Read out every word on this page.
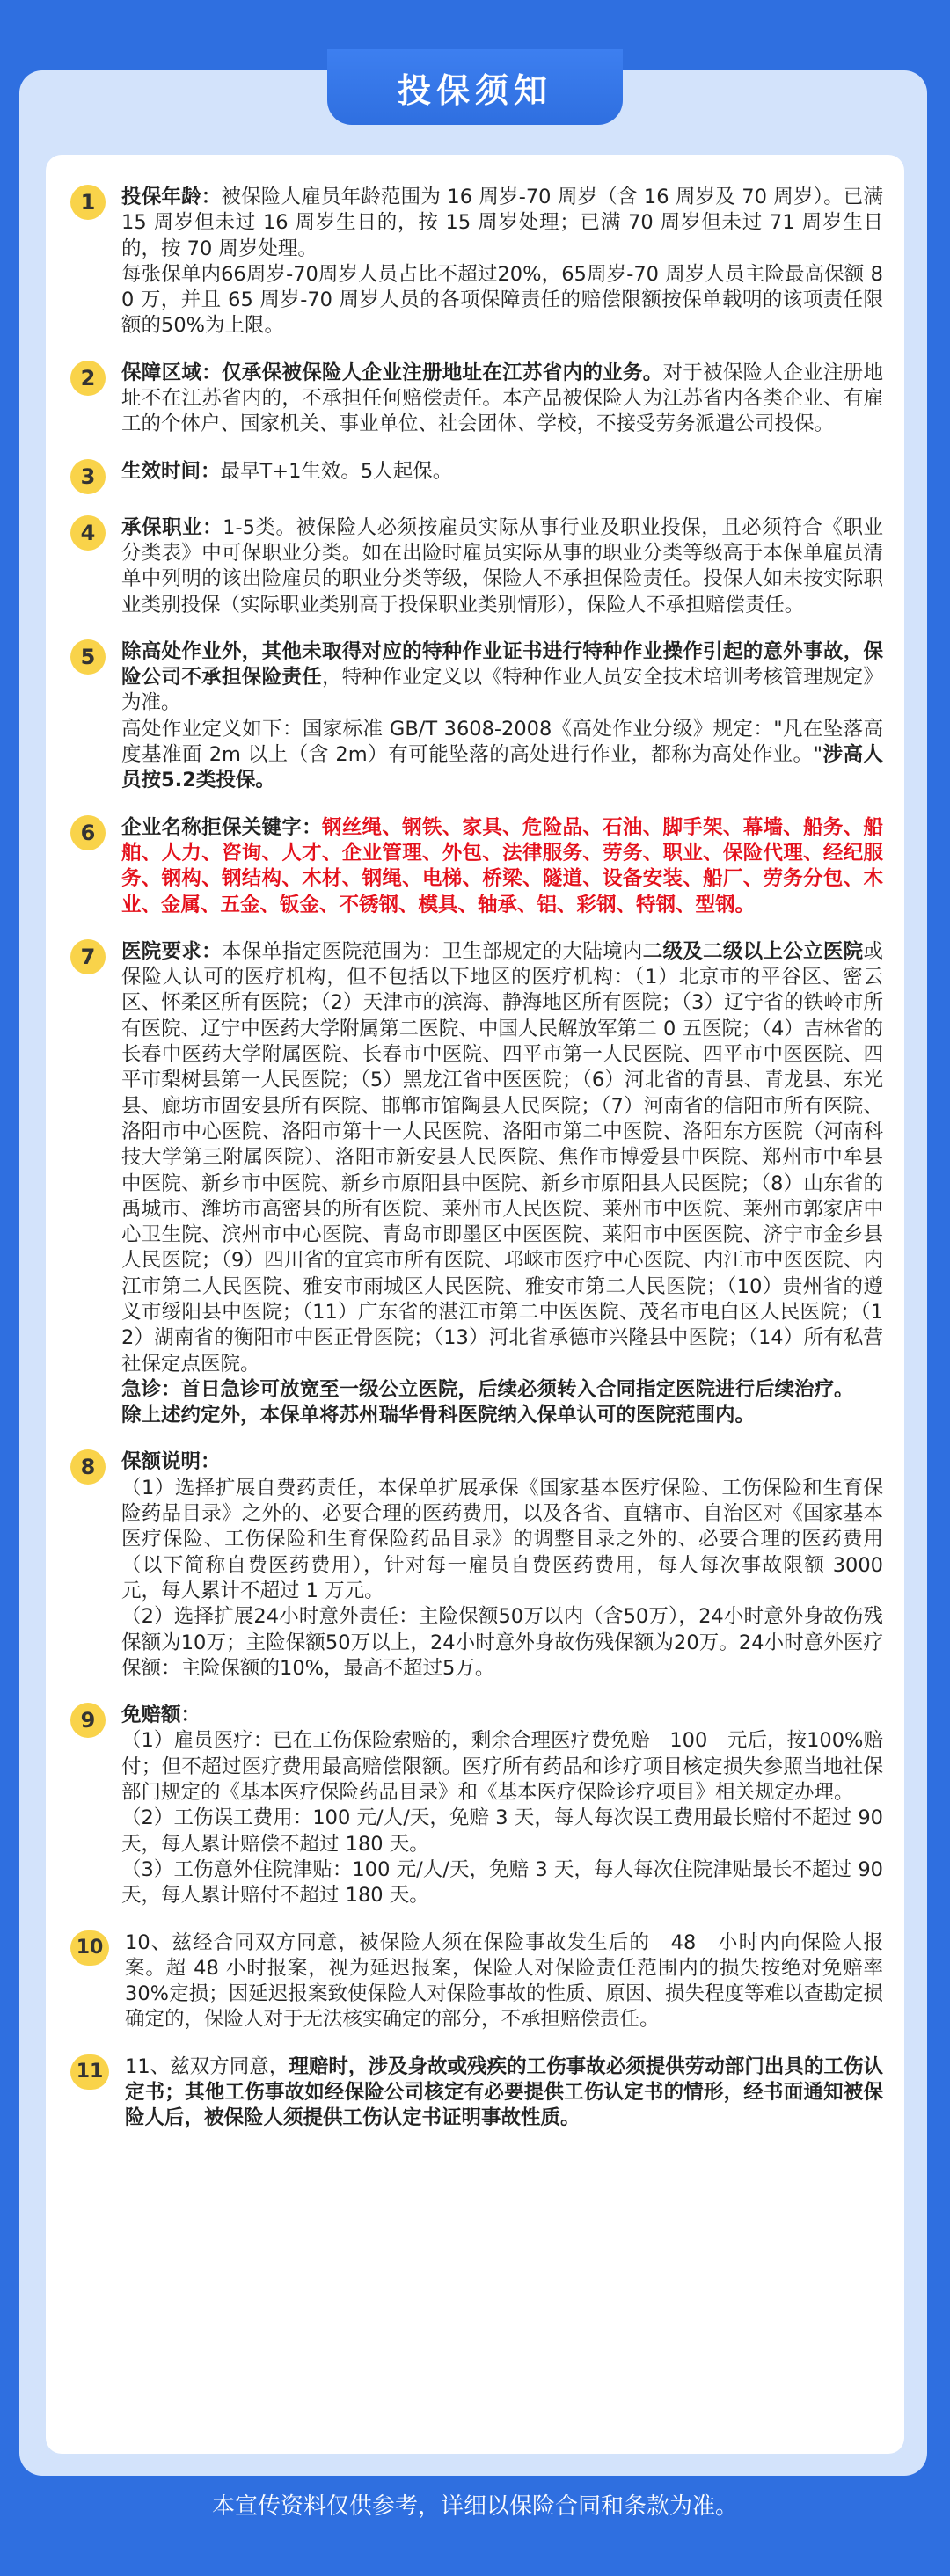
投保须知
1	投保年龄：被保险人雇员年龄范围为 16 周岁-70 周岁（含 16 周岁及 70 周岁）。已满 15 周岁但未过 16 周岁生日的，按 15 周岁处理；已满 70 周岁但未过 71 周岁生日的，按 70 周岁处理。

每张保单内66周岁-70周岁人员占比不超过20%，65周岁-70 周岁人员主险最高保额 80 万，并且 65 周岁-70 周岁人员的各项保障责任的赔偿限额按保单载明的该项责任限额的50%为上限。

2	保障区域：仅承保被保险人企业注册地址在江苏省内的业务。对于被保险人企业注册地址不在江苏省内的，不承担任何赔偿责任。本产品被保险人为江苏省内各类企业、有雇工的个体户、国家机关、事业单位、社会团体、学校，不接受劳务派遣公司投保。

3	生效时间：最早T+1生效。5人起保。

4	承保职业：1-5类。被保险人必须按雇员实际从事行业及职业投保，且必须符合《职业分类表》中可保职业分类。如在出险时雇员实际从事的职业分类等级高于本保单雇员清单中列明的该出险雇员的职业分类等级，保险人不承担保险责任。投保人如未按实际职业类别投保（实际职业类别高于投保职业类别情形），保险人不承担赔偿责任。

5	除高处作业外，其他未取得对应的特种作业证书进行特种作业操作引起的意外事故，保险公司不承担保险责任，特种作业定义以《特种作业人员安全技术培训考核管理规定》为准。

高处作业定义如下：国家标准 GB/T 3608-2008《高处作业分级》规定："凡在坠落高度基准面 2m 以上（含 2m）有可能坠落的高处进行作业，都称为高处作业。"涉高人员按5.2类投保。

6	企业名称拒保关键字：钢丝绳、钢铁、家具、危险品、石油、脚手架、幕墙、船务、船舶、人力、咨询、人才、企业管理、外包、法律服务、劳务、职业、保险代理、经纪服务、钢构、钢结构、木材、钢绳、电梯、桥梁、隧道、设备安装、船厂、劳务分包、木业、金属、五金、钣金、不锈钢、模具、轴承、铝、彩钢、特钢、型钢。

7	医院要求：本保单指定医院范围为：卫生部规定的大陆境内二级及二级以上公立医院或保险人认可的医疗机构，但不包括以下地区的医疗机构：（1）北京市的平谷区、密云区、怀柔区所有医院；（2）天津市的滨海、静海地区所有医院；（3）辽宁省的铁岭市所有医院、辽宁中医药大学附属第二医院、中国人民解放军第二 0 五医院；（4）吉林省的长春中医药大学附属医院、长春市中医院、四平市第一人民医院、四平市中医医院、四平市梨树县第一人民医院；（5）黑龙江省中医医院；（6）河北省的青县、青龙县、东光县、廊坊市固安县所有医院、邯郸市馆陶县人民医院；（7）河南省的信阳市所有医院、洛阳市中心医院、洛阳市第十一人民医院、洛阳市第二中医院、洛阳东方医院（河南科技大学第三附属医院）、洛阳市新安县人民医院、焦作市博爱县中医院、郑州市中牟县中医院、新乡市中医院、新乡市原阳县中医院、新乡市原阳县人民医院；（8）山东省的禹城市、潍坊市高密县的所有医院、莱州市人民医院、莱州市中医院、莱州市郭家店中心卫生院、滨州市中心医院、青岛市即墨区中医医院、莱阳市中医医院、济宁市金乡县人民医院；（9）四川省的宜宾市所有医院、邛崃市医疗中心医院、内江市中医医院、内江市第二人民医院、雅安市雨城区人民医院、雅安市第二人民医院；（10）贵州省的遵义市绥阳县中医院；（11）广东省的湛江市第二中医医院、茂名市电白区人民医院；（12）湖南省的衡阳市中医正骨医院；（13）河北省承德市兴隆县中医院；（14）所有私营社保定点医院。

急诊：首日急诊可放宽至一级公立医院，后续必须转入合同指定医院进行后续治疗。

除上述约定外，本保单将苏州瑞华骨科医院纳入保单认可的医院范围内。

8	保额说明：

（1）选择扩展自费药责任，本保单扩展承保《国家基本医疗保险、工伤保险和生育保险药品目录》之外的、必要合理的医药费用，以及各省、直辖市、自治区对《国家基本医疗保险、工伤保险和生育保险药品目录》的调整目录之外的、必要合理的医药费用（以下简称自费医药费用），针对每一雇员自费医药费用，每人每次事故限额 3000 元，每人累计不超过 1 万元。

（2）选择扩展24小时意外责任：主险保额50万以内（含50万），24小时意外身故伤残保额为10万；主险保额50万以上，24小时意外身故伤残保额为20万。24小时意外医疗保额：主险保额的10%，最高不超过5万。

9	免赔额：

（1）雇员医疗：已在工伤保险索赔的，剩余合理医疗费免赔　100　元后，按100%赔付；但不超过医疗费用最高赔偿限额。医疗所有药品和诊疗项目核定损失参照当地社保部门规定的《基本医疗保险药品目录》和《基本医疗保险诊疗项目》相关规定办理。

（2）工伤误工费用：100 元/人/天，免赔 3 天，每人每次误工费用最长赔付不超过 90 天，每人累计赔偿不超过 180 天。

（3）工伤意外住院津贴：100 元/人/天，免赔 3 天，每人每次住院津贴最长不超过 90 天，每人累计赔付不超过 180 天。

10 10、兹经合同双方同意，被保险人须在保险事故发生后的　48　小时内向保险人报案。超 48 小时报案，视为延迟报案，保险人对保险责任范围内的损失按绝对免赔率　30%定损；因延迟报案致使保险人对保险事故的性质、原因、损失程度等难以查勘定损确定的，保险人对于无法核实确定的部分，不承担赔偿责任。

11 11、兹双方同意，理赔时，涉及身故或残疾的工伤事故必须提供劳动部门出具的工伤认定书；其他工伤事故如经保险公司核定有必要提供工伤认定书的情形，经书面通知被保险人后，被保险人须提供工伤认定书证明事故性质。

本宣传资料仅供参考，详细以保险合同和条款为准。
